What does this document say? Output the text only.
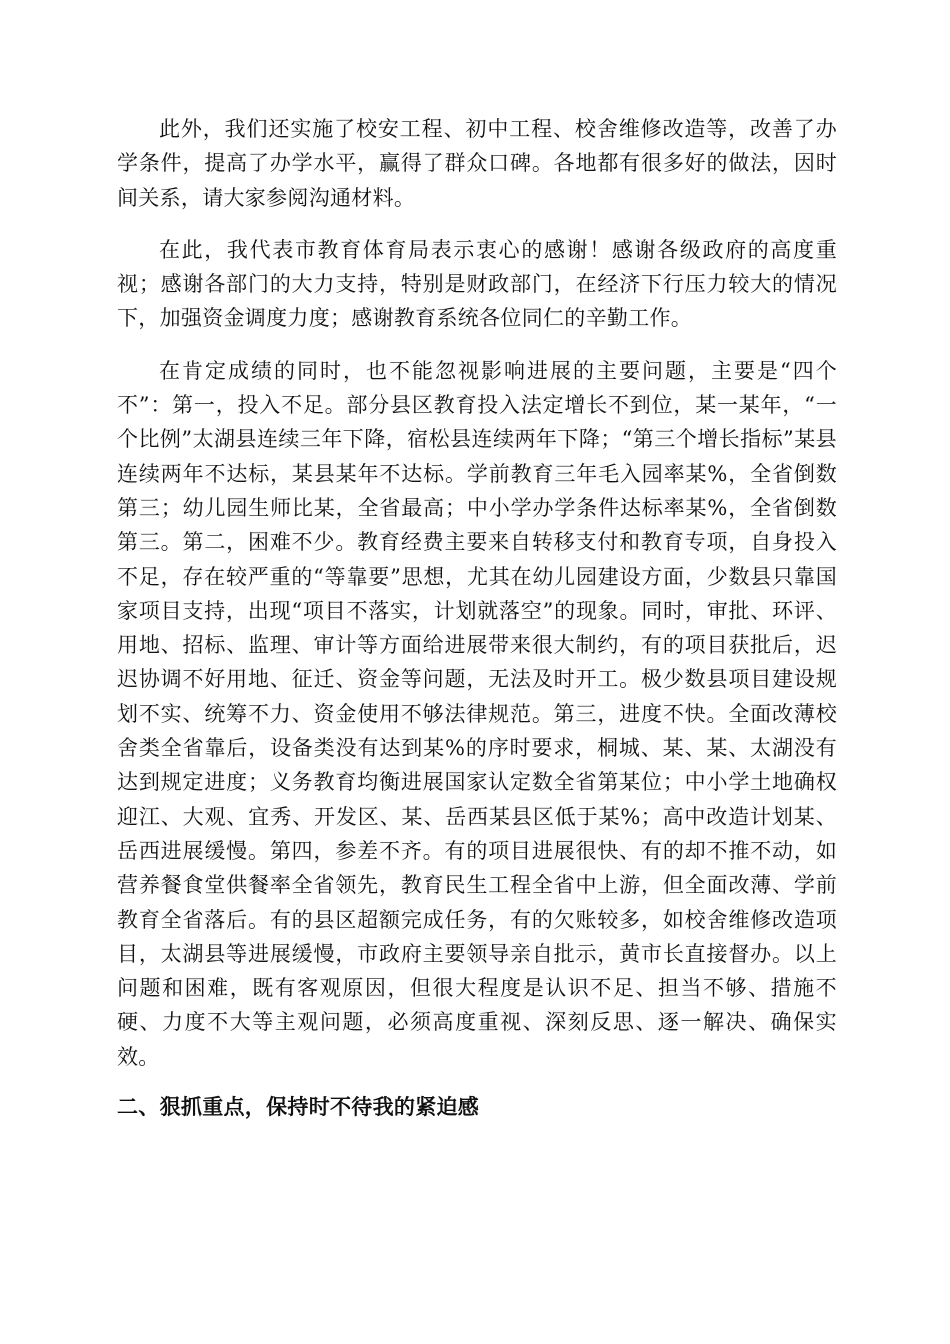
此外，我们还实施了校安工程、初中工程、校舍维修改造等，改善了办学条件，提高了办学水平，赢得了群众口碑。各地都有很多好的做法，因时间关系，请大家参阅沟通材料。

在此，我代表市教育体育局表示衷心的感谢！感谢各级政府的高度重视；感谢各部门的大力支持，特别是财政部门，在经济下行压力较大的情况下，加强资金调度力度；感谢教育系统各位同仁的辛勤工作。

在肯定成绩的同时，也不能忽视影响进展的主要问题，主要是“四个不”：第一，投入不足。部分县区教育投入法定增长不到位，某一某年，“一个比例”太湖县连续三年下降，宿松县连续两年下降；“第三个增长指标”某县连续两年不达标，某县某年不达标。学前教育三年毛入园率某%，全省倒数第三；幼儿园生师比某，全省最高；中小学办学条件达标率某%，全省倒数第三。第二，困难不少。教育经费主要来自转移支付和教育专项，自身投入不足，存在较严重的“等靠要”思想，尤其在幼儿园建设方面，少数县只靠国家项目支持，出现“项目不落实，计划就落空”的现象。同时，审批、环评、用地、招标、监理、审计等方面给进展带来很大制约，有的项目获批后，迟迟协调不好用地、征迁、资金等问题，无法及时开工。极少数县项目建设规划不实、统筹不力、资金使用不够法律规范。第三，进度不快。全面改薄校舍类全省靠后，设备类没有达到某%的序时要求，桐城、某、某、太湖没有达到规定进度；义务教育均衡进展国家认定数全省第某位；中小学土地确权迎江、大观、宜秀、开发区、某、岳西某县区低于某%；高中改造计划某、岳西进展缓慢。第四，参差不齐。有的项目进展很快、有的却不推不动，如营养餐食堂供餐率全省领先，教育民生工程全省中上游，但全面改薄、学前教育全省落后。有的县区超额完成任务，有的欠账较多，如校舍维修改造项目，太湖县等进展缓慢，市政府主要领导亲自批示，黄市长直接督办。以上问题和困难，既有客观原因，但很大程度是认识不足、担当不够、措施不硬、力度不大等主观问题，必须高度重视、深刻反思、逐一解决、确保实效。

二、狠抓重点，保持时不待我的紧迫感
